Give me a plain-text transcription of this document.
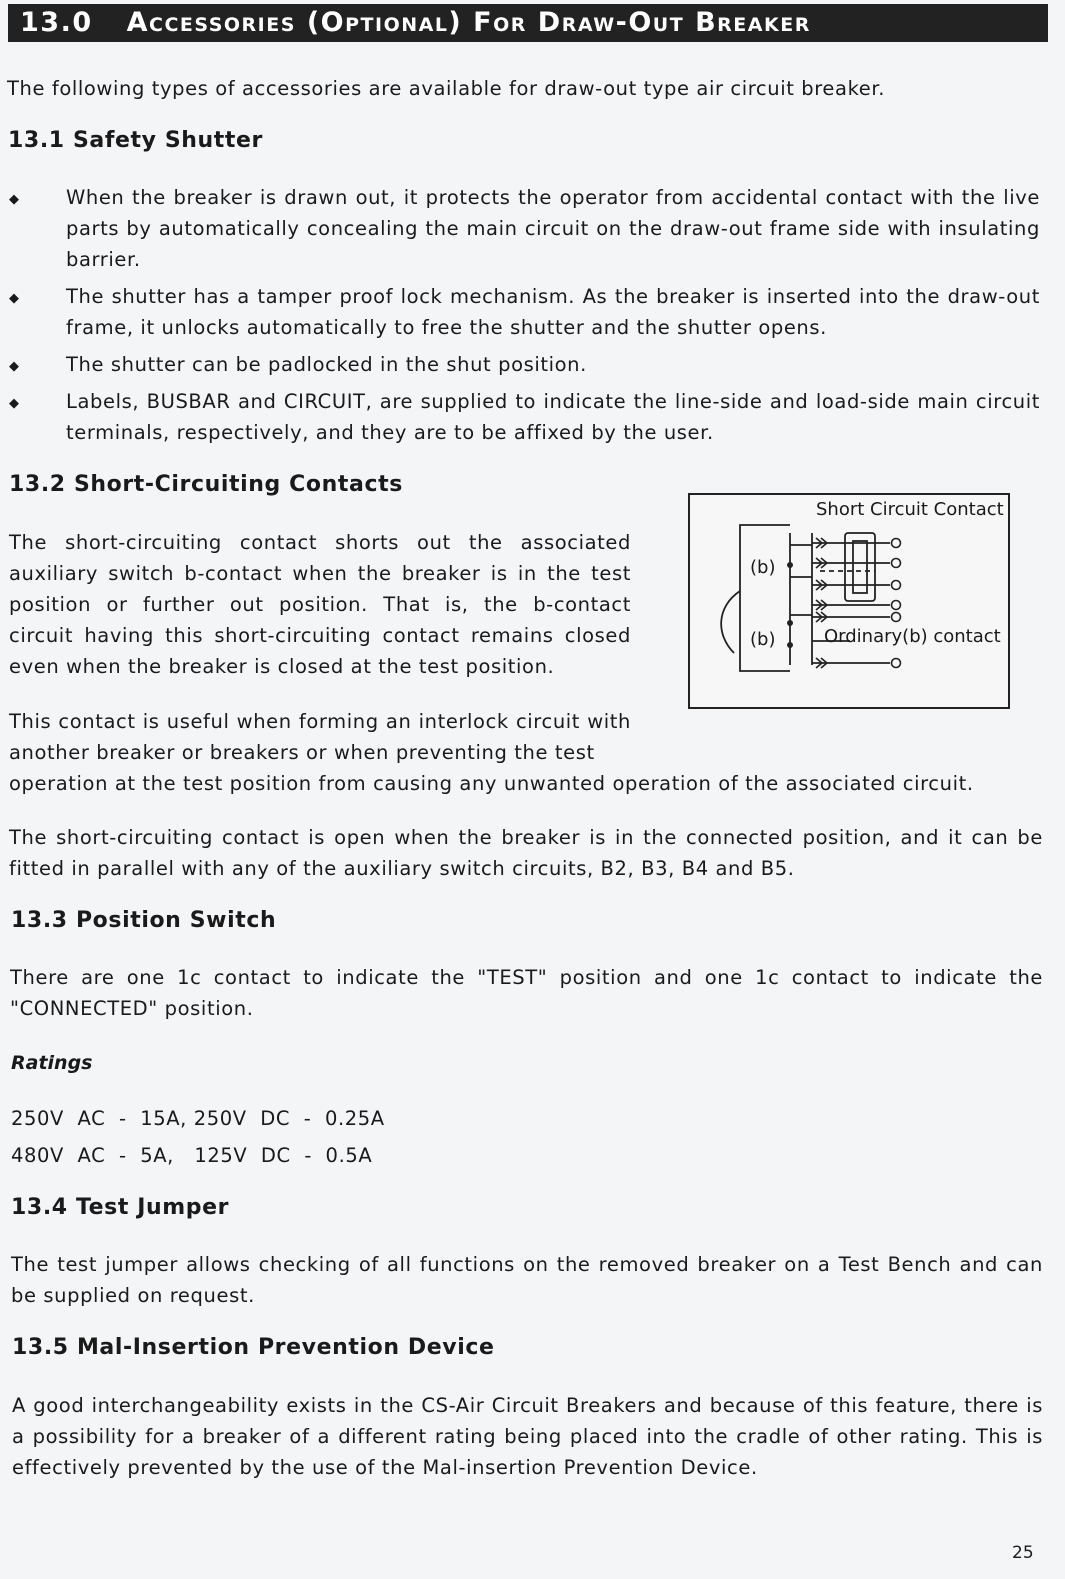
13.0 Accessories (Optional) For Draw-Out Breaker
The following types of accessories are available for draw-out type air circuit breaker.
13.1 Safety Shutter
◆ When the breaker is drawn out, it protects the operator from accidental contact with the live parts by automatically concealing the main circuit on the draw-out frame side with insulating barrier.
◆ The shutter has a tamper proof lock mechanism. As the breaker is inserted into the draw-out frame, it unlocks automatically to free the shutter and the shutter opens.
◆ The shutter can be padlocked in the shut position.
◆ Labels, BUSBAR and CIRCUIT, are supplied to indicate the line-side and load-side main circuit terminals, respectively, and they are to be affixed by the user.
13.2 Short-Circuiting Contacts
The short-circuiting contact shorts out the associated auxiliary switch b-contact when the breaker is in the test position or further out position. That is, the b-contact circuit having this short-circuiting contact remains closed even when the breaker is closed at the test position.
This contact is useful when forming an interlock circuit with another breaker or breakers or when preventing the test
operation at the test position from causing any unwanted operation of the associated circuit.
The short-circuiting contact is open when the breaker is in the connected position, and it can be fitted in parallel with any of the auxiliary switch circuits, B2, B3, B4 and B5.
Short Circuit Contact
(b)
(b)	Ordinary(b) contact
13.3 Position Switch
There are one 1c contact to indicate the "TEST" position and one 1c contact to indicate the "CONNECTED" position.
Ratings
250V  AC  -  15A, 250V  DC  -  0.25A
480V  AC  -  5A,   125V  DC  -  0.5A
13.4 Test Jumper
The test jumper allows checking of all functions on the removed breaker on a Test Bench and can be supplied on request.
13.5 Mal-Insertion Prevention Device
A good interchangeability exists in the CS-Air Circuit Breakers and because of this feature, there is a possibility for a breaker of a different rating being placed into the cradle of other rating. This is effectively prevented by the use of the Mal-insertion Prevention Device.
25
